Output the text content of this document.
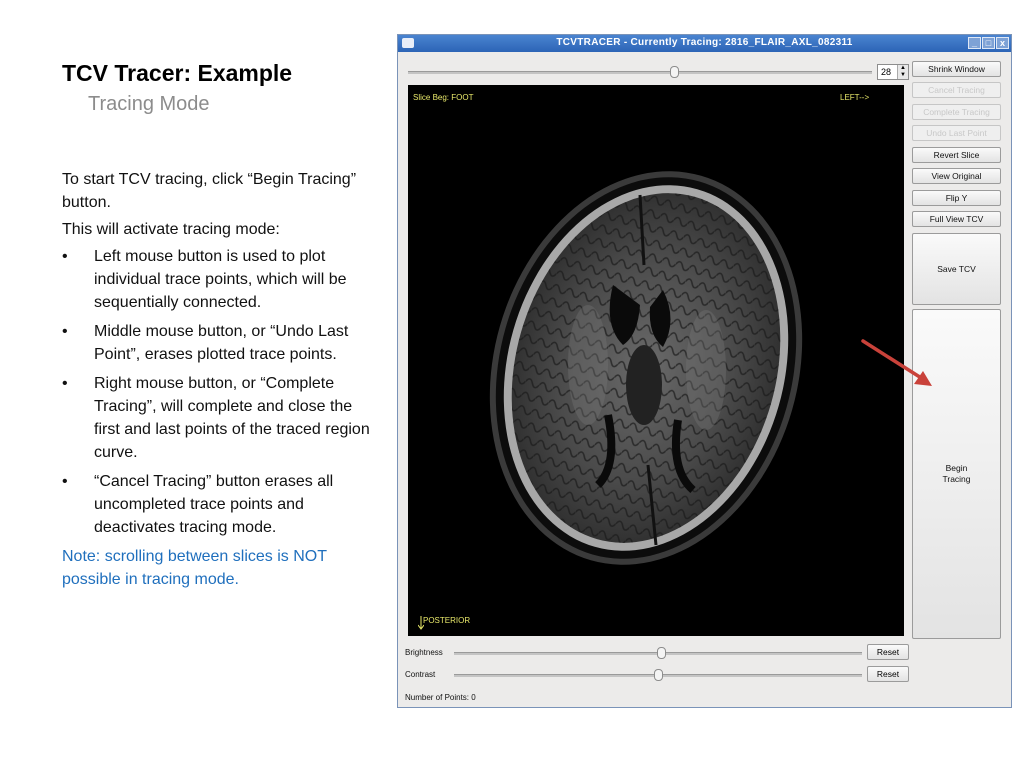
TCV Tracer: Example
Tracing Mode

To start TCV tracing, click “Begin Tracing” button.

This will activate tracing mode:

• Left mouse button is used to plot individual trace points, which will be sequentially connected.
• Middle mouse button, or “Undo Last Point”, erases plotted trace points.
• Right mouse button, or “Complete Tracing”, will complete and close the first and last points of the traced region curve.
• “Cancel Tracing” button erases all uncompleted trace points and deactivates tracing mode.

Note: scrolling between slices is NOT possible in tracing mode.

TCVTRACER - Currently Tracing: 2816_FLAIR_AXL_082311	_ □ x
28	▲
▼
Shrink Window
Cancel Tracing
Complete Tracing
Undo Last Point
Revert Slice
View Original
Flip Y
Full View TCV
Save TCV
Begin
Tracing
Slice Beg: FOOT	LEFT-->
POSTERIOR
Brightness	Reset
Contrast	Reset
Number of Points: 0
